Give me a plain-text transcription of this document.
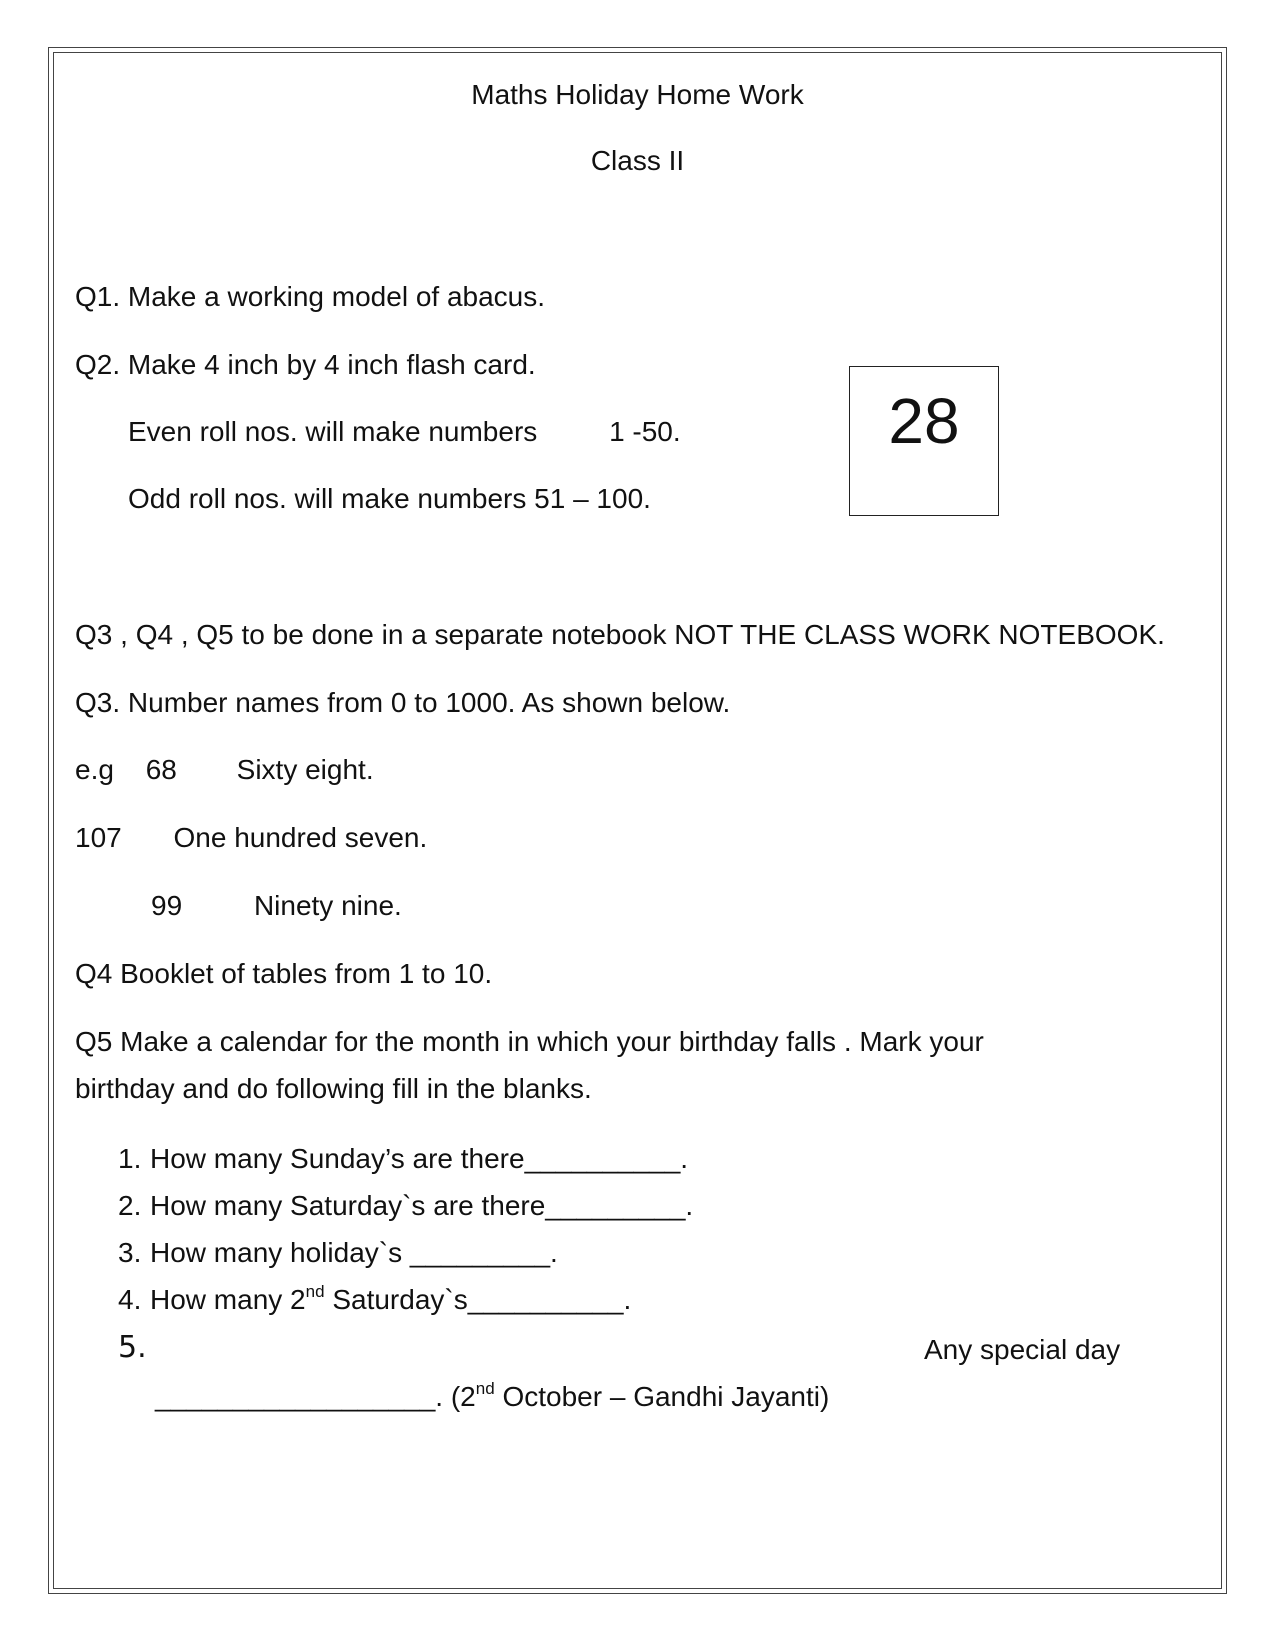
Maths Holiday Home Work
Class II
Q1. Make a working model of abacus.
Q2. Make 4 inch by 4 inch flash card.
Even roll nos. will make numbers	1 -50.
Odd roll nos. will make numbers 51 – 100.
28
Q3 , Q4 , Q5 to be done in a separate notebook NOT THE CLASS WORK NOTEBOOK.
Q3. Number names from 0 to 1000. As shown below.
e.g 68 Sixty eight.
107 One hundred seven.
99	Ninety nine.
Q4 Booklet of tables from 1 to 10.
Q5 Make a calendar for the month in which your birthday falls . Mark your
birthday and do following fill in the blanks.
1. How many Sunday’s are there__________.
2. How many Saturday`s are there_________.
3. How many holiday`s _________.
4. How many 2nd Saturday`s__________.
5.	Any special day
__________________. (2nd October – Gandhi Jayanti)
